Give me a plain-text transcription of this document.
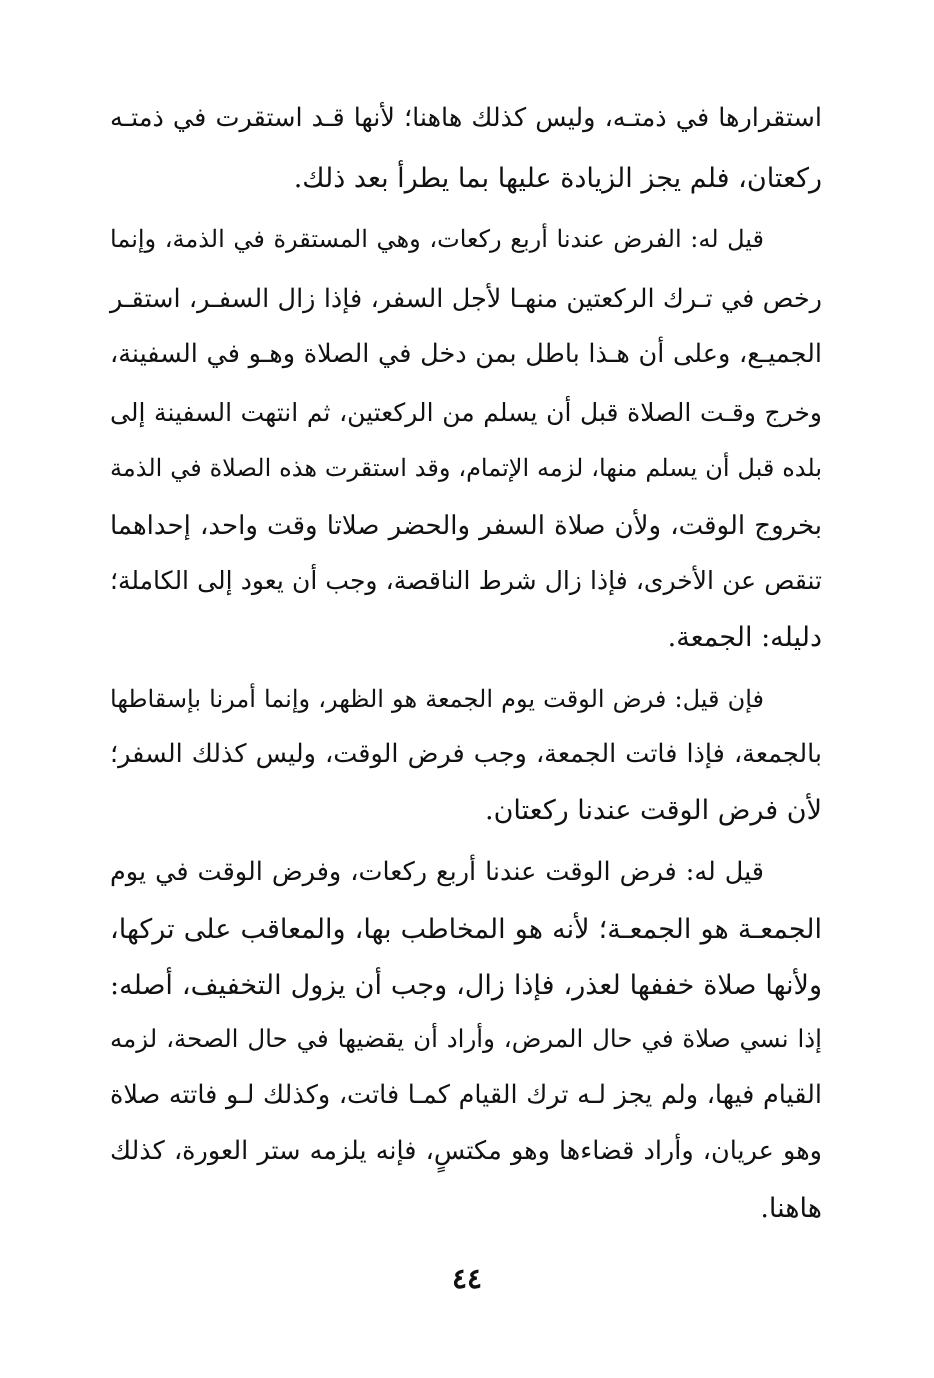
استقرارها في ذمتـه، وليس كذلك هاهنا؛ لأنها قـد استقرت في ذمتـه
ركعتان، فلم يجز الزيادة عليها بما يطرأ بعد ذلك.
قيل له: الفرض عندنا أربع ركعات، وهي المستقرة في الذمة، وإنما
رخص في تـرك الركعتين منهـا لأجل السفر، فإذا زال السفـر، استقـر
الجميـع، وعلى أن هـذا باطل بمن دخل في الصلاة وهـو في السفينة،
وخرج وقـت الصلاة قبل أن يسلم من الركعتين، ثم انتهت السفينة إلى
بلده قبل أن يسلم منها، لزمه الإتمام، وقد استقرت هذه الصلاة في الذمة
بخروج الوقت، ولأن صلاة السفر والحضر صلاتا وقت واحد، إحداهما
تنقص عن الأخرى، فإذا زال شرط الناقصة، وجب أن يعود إلى الكاملة؛
دليله: الجمعة.
فإن قيل: فرض الوقت يوم الجمعة هو الظهر، وإنما أمرنا بإسقاطها
بالجمعة، فإذا فاتت الجمعة، وجب فرض الوقت، وليس كذلك السفر؛
لأن فرض الوقت عندنا ركعتان.
قيل له: فرض الوقت عندنا أربع ركعات، وفرض الوقت في يوم
الجمعـة هو الجمعـة؛ لأنه هو المخاطب بها، والمعاقب على تركها،
ولأنها صلاة خففها لعذر، فإذا زال، وجب أن يزول التخفيف، أصله:
إذا نسي صلاة في حال المرض، وأراد أن يقضيها في حال الصحة، لزمه
القيام فيها، ولم يجز لـه ترك القيام كمـا فاتت، وكذلك لـو فاتته صلاة
وهو عريان، وأراد قضاءها وهو مكتسٍ، فإنه يلزمه ستر العورة، كذلك
هاهنا.
٤٤
